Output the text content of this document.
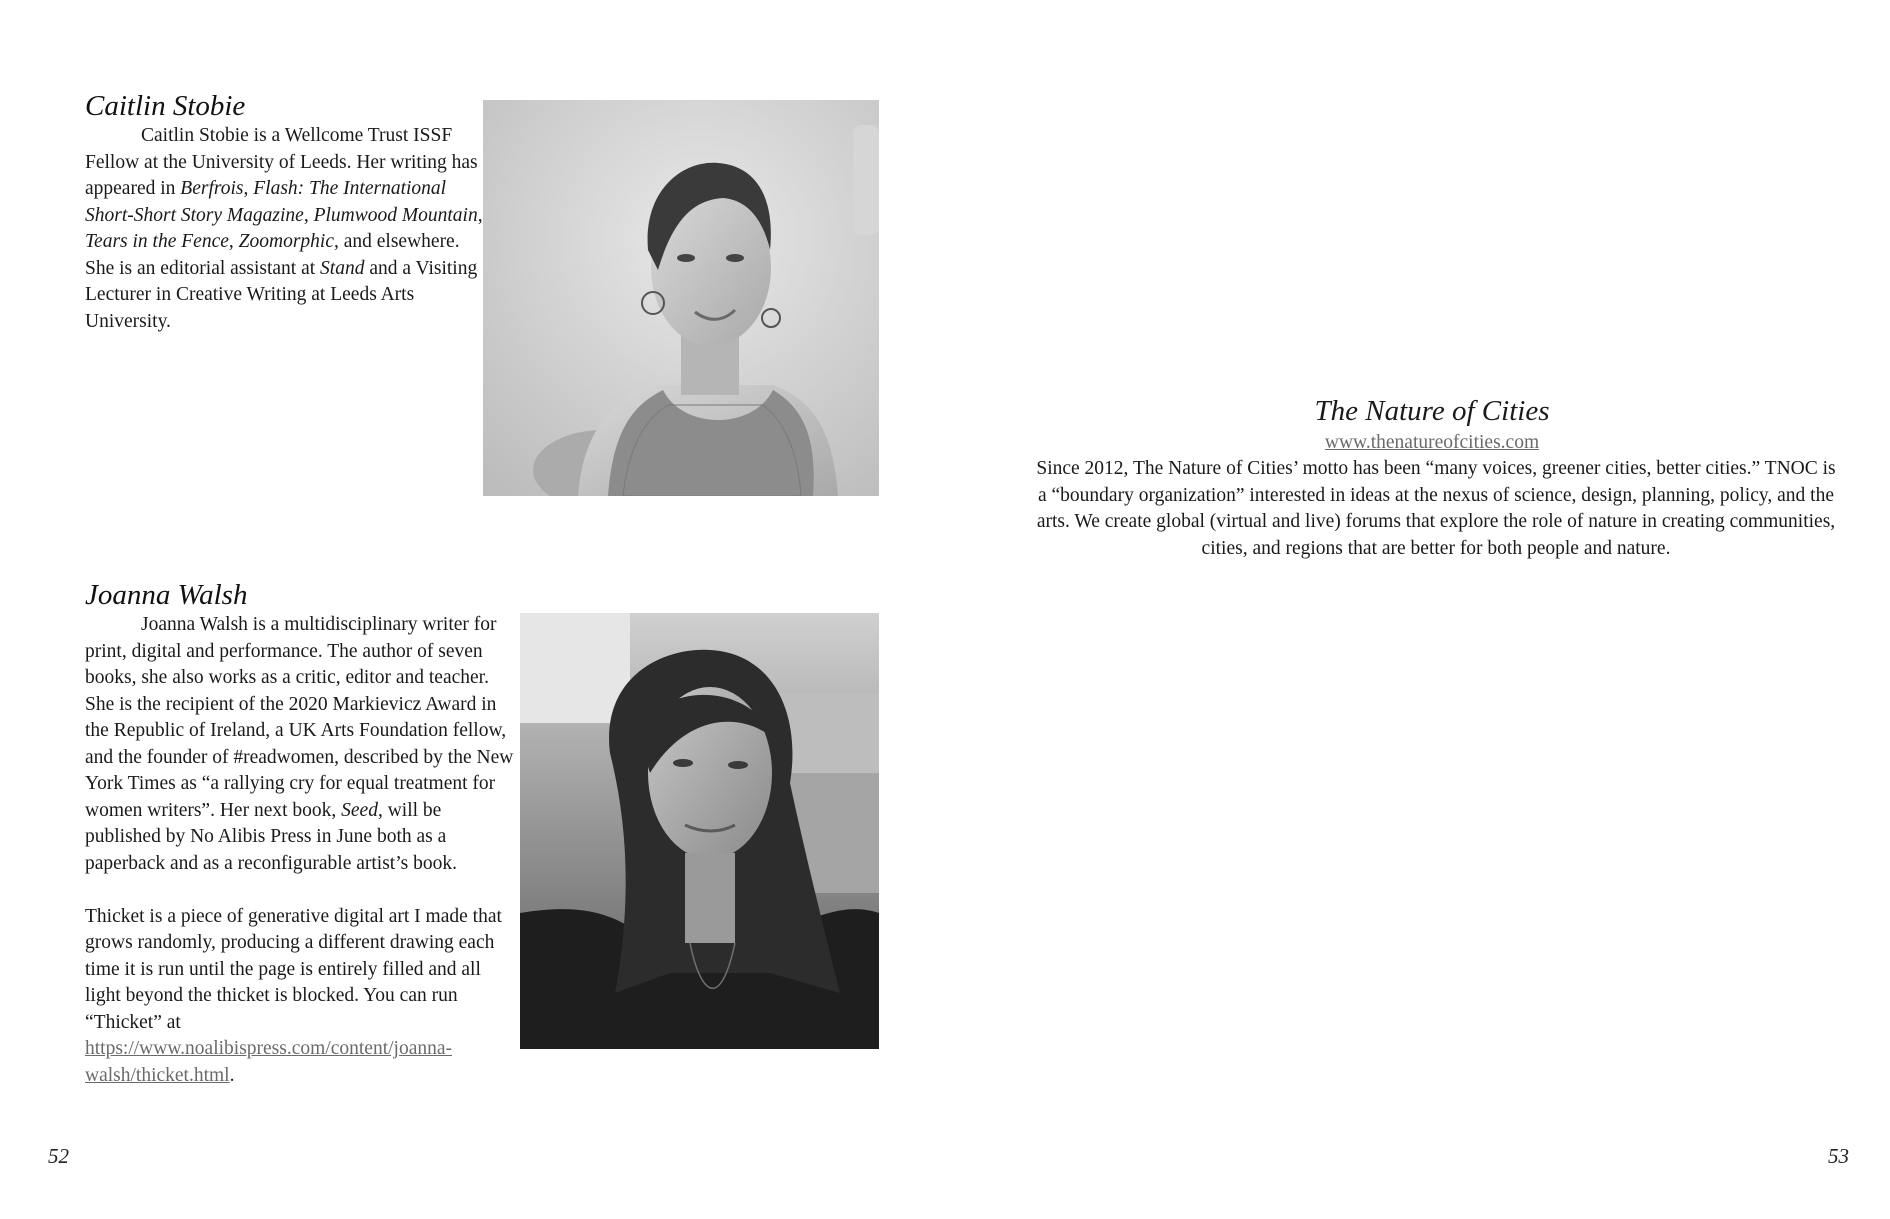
Caitlin Stobie

Caitlin Stobie is a Wellcome Trust ISSF Fellow at the University of Leeds. Her writing has appeared in Berfrois, Flash: The International Short-Short Story Magazine, Plumwood Mountain, Tears in the Fence, Zoomorphic, and elsewhere. She is an editorial assistant at Stand and a Visiting Lecturer in Creative Writing at Leeds Arts University.

Joanna Walsh

Joanna Walsh is a multidisciplinary writer for print, digital and performance. The author of seven books, she also works as a critic, editor and teacher. She is the recipient of the 2020 Markievicz Award in the Republic of Ireland, a UK Arts Foundation fellow, and the founder of #readwomen, described by the New York Times as “a rallying cry for equal treatment for women writers”. Her next book, Seed, will be published by No Alibis Press in June both as a paperback and as a reconfigurable artist’s book.

Thicket is a piece of generative digital art I made that grows randomly, producing a different drawing each time it is run until the page is entirely filled and all light beyond the thicket is blocked. You can run “Thicket” at https://www.noalibispress.com/content/joanna-walsh/thicket.html.

52
The Nature of Cities
www.thenatureofcities.com

Since 2012, The Nature of Cities’ motto has been “many voices, greener cities, better cities.” TNOC is a “boundary organization” interested in ideas at the nexus of science, design, planning, policy, and the arts. We create global (virtual and live) forums that explore the role of nature in creating communities, cities, and regions that are better for both people and nature.

53
